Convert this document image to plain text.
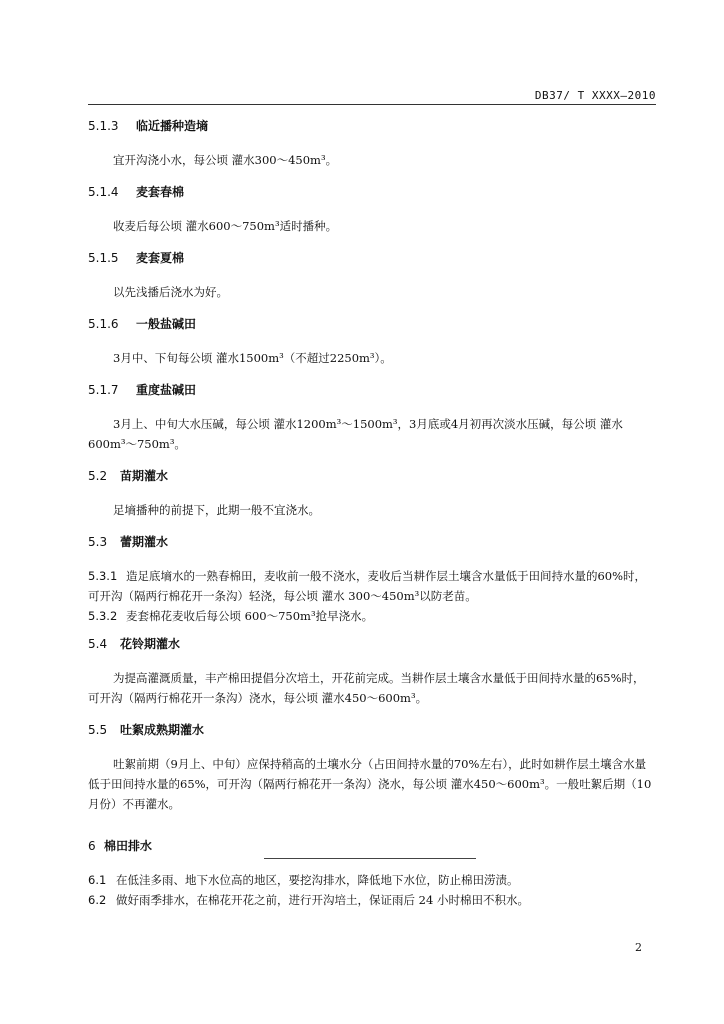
DB37/ T XXXX—2010
5.1.3 临近播种造墒

宜开沟浇小水，每公顷 灌水300～450m³。

5.1.4 麦套春棉

收麦后每公顷 灌水600～750m³适时播种。

5.1.5 麦套夏棉

以先浅播后浇水为好。

5.1.6 一般盐碱田

3月中、下旬每公顷 灌水1500m³（不超过2250m³）。

5.1.7 重度盐碱田

3月上、中旬大水压碱，每公顷 灌水1200m³～1500m³，3月底或4月初再次淡水压碱，每公顷 灌水600m³～750m³。

5.2 苗期灌水

足墒播种的前提下，此期一般不宜浇水。

5.3 蕾期灌水

5.3.1 造足底墒水的一熟春棉田，麦收前一般不浇水，麦收后当耕作层土壤含水量低于田间持水量的60%时，可开沟（隔两行棉花开一条沟）轻浇，每公顷 灌水 300～450m³以防老苗。

5.3.2 麦套棉花麦收后每公顷 600～750m³抢早浇水。

5.4 花铃期灌水

为提高灌溉质量，丰产棉田提倡分次培土，开花前完成。当耕作层土壤含水量低于田间持水量的65%时，可开沟（隔两行棉花开一条沟）浇水，每公顷 灌水450～600m³。

5.5 吐絮成熟期灌水

吐絮前期（9月上、中旬）应保持稍高的土壤水分（占田间持水量的70%左右），此时如耕作层土壤含水量低于田间持水量的65%，可开沟（隔两行棉花开一条沟）浇水，每公顷 灌水450～600m³。一般吐絮后期（10月份）不再灌水。

6 棉田排水

6.1 在低洼多雨、地下水位高的地区，要挖沟排水，降低地下水位，防止棉田涝渍。

6.2 做好雨季排水，在棉花开花之前，进行开沟培土，保证雨后 24 小时棉田不积水。

2
